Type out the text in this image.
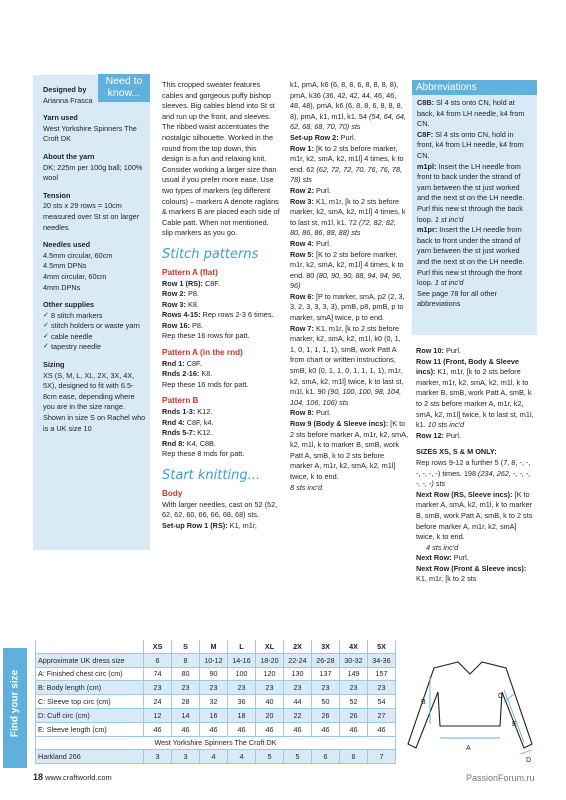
Designed by
Arianna Frasca
Yarn used
West Yorkshire Spinners The Croft DK
About the yarn
DK; 225m per 100g ball; 100% wool
Tension
20 sts x 29 rows = 10cm measured over St st on larger needles
Needles used
4.5mm circular, 60cm
4.5mm DPNs
4mm circular, 60cm
4mm DPNs
Other supplies
✓ 8 stitch markers
✓ stitch holders or waste yarn
✓ cable needle
✓ tapestry needle
Sizing
XS (S, M, L, XL, 2X, 3X, 4X, 5X), designed to fit with 6.5-8cm ease, depending where you are in the size range. Shown in size S on Rachel who is a UK size 10
Need to
know...
This cropped sweater features cables and gorgeous puffy bishop sleeves. Big cables blend into St st and run up the front, and sleeves. The ribbed waist accentuates the nostalgic silhouette. Worked in the round from the top down, this design is a fun and relaxing knit. Consider working a larger size than usual if you prefer more ease. Use two types of markers (eg different colours) – markers A denote raglans & markers B are placed each side of Cable patt. When not mentioned, slip markers as you go.
Stitch patterns
Pattern A (flat)
Row 1 (RS): C8F.
Row 2: P8.
Row 3: K8.
Rows 4-15: Rep rows 2-3 6 times.
Row 16: P8.
Rep these 16 rows for patt.
Pattern A (in the rnd)
Rnd 1: C8F.
Rnds 2-16: K8.
Rep these 16 rnds for patt.
Pattern B
Rnds 1-3: K12.
Rnd 4: C8F, k4.
Rnds 5-7: K12.
Rnd 8: K4, C8B.
Rep these 8 rnds for patt.
Start knitting...
Body
With larger needles, cast on 52 (52, 62, 62, 60, 66, 66, 68, 68) sts.
Set-up Row 1 (RS): K1, m1r,
k1, pmA, k6 (6, 8, 8, 6, 8, 8, 8, 8), pmA, k36 (36, 42, 42, 44, 46, 46, 48, 48), pmA, k6 (6, 8, 8, 6, 8, 8, 8, 8), pmA, k1, m1l, k1. 54 (54, 64, 64, 62, 68, 68, 70, 70) sts
Set-up Row 2: Purl.
Row 1: [K to 2 sts before marker, m1r, k2, smA, k2, m1l] 4 times, k to end. 62 (62, 72, 72, 70, 76, 76, 78, 78) sts
Row 2: Purl.
Row 3: K1, m1r, [k to 2 sts before marker, k2, smA, k2, m1l] 4 times, k to last st, m1l, k1. 72 (72, 82, 82, 80, 86, 86, 88, 88) sts
Row 4: Purl.
Row 5: [K to 2 sts before marker, m1r, k2, smA, k2, m1l] 4 times, k to end. 80 (80, 90, 90, 88, 94, 94, 96, 96)
Row 6: [P to marker, smA, p2 (2, 3, 3, 2, 3, 3, 3, 3), pmB, p8, pmB, p to marker, smA] twice, p to end.
Row 7: K1, m1r, [k to 2 sts before marker, k2, smA, k2, m1l, k0 (0, 1, 1, 0, 1, 1, 1, 1), smB, work Patt A from chart or written instructions, smB, k0 (0, 1, 1, 0, 1, 1, 1, 1), m1r, k2, smA, k2, m1l] twice, k to last st, m1l, k1. 90 (90, 100, 100, 98, 104, 104, 106, 106) sts
Row 8: Purl.
Row 9 (Body & Sleeve incs): [K to 2 sts before marker A, m1r, k2, smA, k2, m1l, k to marker B, smB, work Patt A, smB, k to 2 sts before marker A, m1r, k2, smA, k2, m1l] twice, k to end.
8 sts inc'd
Abbreviations
C8B: Sl 4 sts onto CN, hold at back, k4 from LH needle, k4 from CN.
C8F: Sl 4 sts onto CN, hold in front, k4 from LH needle, k4 from CN.
m1pl: Insert the LH needle from front to back under the strand of yarn between the st just worked and the next st on the LH needle. Purl this new st through the back loop. 1 st inc'd
m1pr: Insert the LH needle from back to front under the strand of yarn between the st just worked and the next st on the LH needle. Purl this new st through the front loop. 1 st inc'd
See page 78 for all other abbreviations
Row 10: Purl.
Row 11 (Front, Body & Sleeve incs): K1, m1r, [k to 2 sts before marker, m1r, k2, smA, k2, m1l, k to marker B, smB, work Patt A, smB, k to 2 sts before marker A, m1r, k2, smA, k2, m1l] twice, k to last st, m1l, k1. 10 sts inc'd
Row 12: Purl.
SIZES XS, S & M ONLY:
Rep rows 9-12 a further 5 (7, 8, -, -, -, -, -, -) times. 198 (234, 262, -, -, -, -, -, -) sts
Next Row (RS, Sleeve incs): [K to marker A, smA, k2, m1l, k to marker B, smB, work Patt A, smB, k to 2 sts before marker A, m1r, k2, smA] twice, k to end.
4 sts inc'd
Next Row: Purl.
Next Row (Front & Sleeve incs): K1, m1r, [k to 2 sts
Find your size
	XS	S	M	L	XL	2X	3X	4X	5X
Approximate UK dress size	6	8	10-12	14-16	18-20	22-24	26-28	30-32	34-36
A: Finished chest circ (cm)	74	80	90	100	120	130	137	149	157
B: Body length (cm)	23	23	23	23	23	23	23	23	23
C: Sleeve top circ (cm)	24	28	32	36	40	44	50	52	54
D: Cuff circ (cm)	12	14	16	18	20	22	26	26	27
E: Sleeve length (cm)	46	46	46	46	46	46	46	46	46
West Yorkshire Spinners The Croft DK									
Harkland 266	3	3	4	4	5	5	6	6	7
A
B
C
D
E
18 www.craftworld.com	PassionForum.ru
